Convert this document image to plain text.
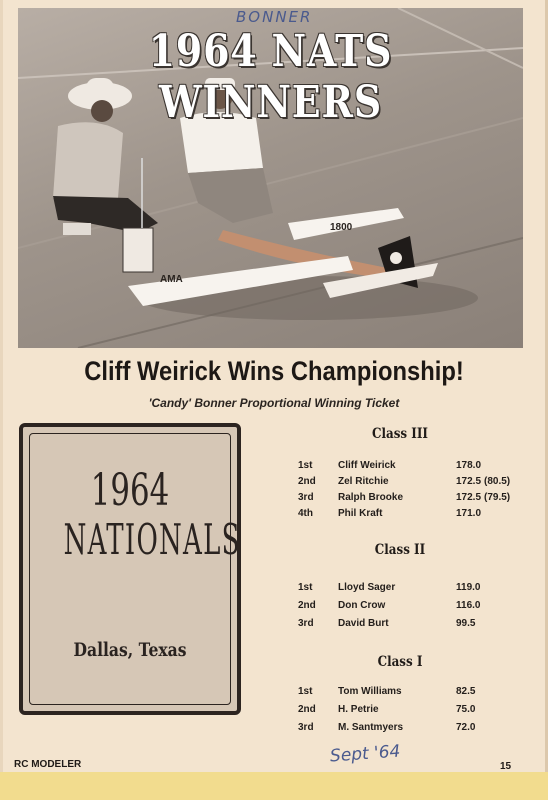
AMA
1800
1964 NATS WINNERS
BONNER
Cliff Weirick Wins Championship!
'Candy' Bonner Proportional Winning Ticket
1964
NATIONALS
Dallas, Texas
Class III
1st	Cliff Weirick	178.0
2nd Zel Ritchie	172.5 (80.5)
3rd Ralph Brooke	172.5 (79.5)
4th	Phil Kraft	171.0
Class II
1st	Lloyd Sager	119.0
2nd Don Crow	116.0
3rd David Burt	99.5
Class I
1st	Tom Williams	82.5
2nd H. Petrie	75.0
3rd M. Santmyers	72.0
Sept '64
RC MODELER	15
